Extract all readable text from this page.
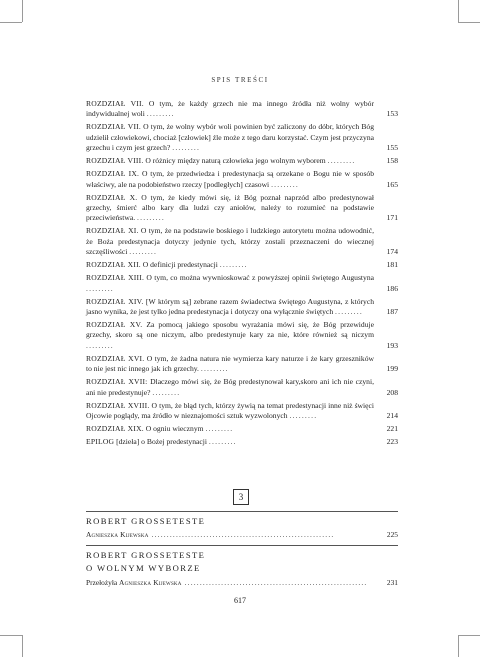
SPIS TREŚCI
ROZDZIAŁ VII. O tym, że każdy grzech nie ma innego źródła niż wolny wybór indywidualnej woli .........	153
ROZDZIAŁ VII. O tym, że wolny wybór woli powinien być zaliczony do dóbr, których Bóg udzielił człowiekowi, chociaż [człowiek] źle może z tego daru korzystać. Czym jest przyczyna grzechu i czym jest grzech? .........	155
ROZDZIAŁ VIII. O różnicy między naturą człowieka jego wolnym wyborem .........	158
ROZDZIAŁ IX. O tym, że przedwiedza i predestynacja są orzekane o Bogu nie w sposób właściwy, ale na podobieństwo rzeczy [podległych] czasowi .........	165
ROZDZIAŁ X. O tym, że kiedy mówi się, iż Bóg poznał naprzód albo predestynował grzechy, śmierć albo kary dla ludzi czy aniołów, należy to rozumieć na podstawie przeciwieństwa. .........	171
ROZDZIAŁ XI. O tym, że na podstawie boskiego i ludzkiego autorytetu można udowodnić, że Boża predestynacja dotyczy jedynie tych, którzy zostali przeznaczeni do wiecznej szczęśliwości .........	174
ROZDZIAŁ XII. O definicji predestynacji .........	181
ROZDZIAŁ XIII. O tym, co można wywnioskować z powyższej opinii świętego Augustyna .........	186
ROZDZIAŁ XIV. [W którym są] zebrane razem świadectwa świętego Augustyna, z których jasno wynika, że jest tylko jedna predestynacja i dotyczy ona wyłącznie świętych .........	187
ROZDZIAŁ XV. Za pomocą jakiego sposobu wyrażania mówi się, że Bóg przewiduje grzechy, skoro są one niczym, albo predestynuje kary za nie, które również są niczym .........	193
ROZDZIAŁ XVI. O tym, że żadna natura nie wymierza kary naturze i że kary grzeszników to nie jest nic innego jak ich grzechy. .........	199
ROZDZIAŁ XVII: Dlaczego mówi się, że Bóg predestynował kary,skoro ani ich nie czyni, ani nie predestynuje? .........	208
ROZDZIAŁ XVIII. O tym, że błąd tych, którzy żywią na temat predestynacji inne niż święci Ojcowie poglądy, ma źródło w nieznajomości sztuk wyzwolonych .........	214
ROZDZIAŁ XIX. O ogniu wiecznym .........	221
EPILOG [dzieła] o Bożej predestynacji .........	223
3
ROBERT GROSSETESTE
Agnieszka Kijewska ............................................................	225
ROBERT GROSSETESTE
O WOLNYM WYBORZE
Przełożyła Agnieszka Kijewska ............................................................	231
617
